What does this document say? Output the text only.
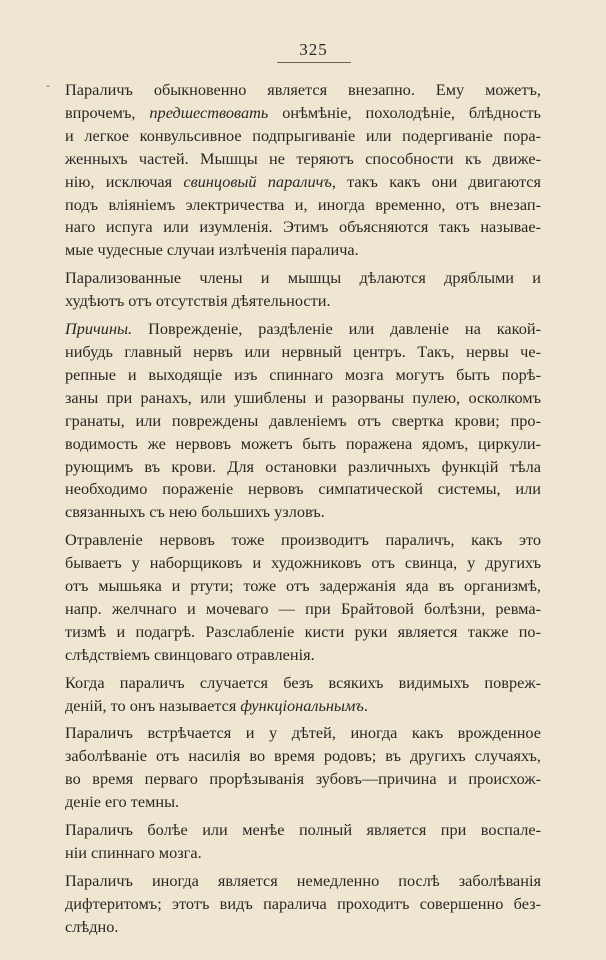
-
325
Параличъ обыкновенно является внезапно. Ему можетъ,
впрочемъ, предшествовать онѣмѣніе, похолодѣніе, блѣдность
и легкое конвульсивное подпрыгиваніе или подергиваніе пора-
женныхъ частей. Мышцы не теряютъ способности къ движе-
нію, исключая свинцовый параличъ, такъ какъ они двигаются
подъ вліяніемъ электричества и, иногда временно, отъ внезап-
наго испуга или изумленія. Этимъ объясняются такъ называе-
мые чудесные случаи излѣченія паралича.
Парализованные члены и мышцы дѣлаются дряблыми и
худѣютъ отъ отсутствія дѣятельности.
Причины. Поврежденіе, раздѣленіе или давленіе на какой-
нибудь главный нервъ или нервный центръ. Такъ, нервы че-
репные и выходящіе изъ спиннаго мозга могутъ быть порѣ-
заны при ранахъ, или ушиблены и разорваны пулею, осколкомъ
гранаты, или повреждены давленіемъ отъ свертка крови; про-
водимость же нервовъ можетъ быть поражена ядомъ, циркули-
рующимъ въ крови. Для остановки различныхъ функцій тѣла
необходимо пораженіе нервовъ симпатической системы, или
связанныхъ съ нею большихъ узловъ.
Отравленіе нервовъ тоже производитъ параличъ, какъ это
бываетъ у наборщиковъ и художниковъ отъ свинца, у другихъ
отъ мышьяка и ртути; тоже отъ задержанія яда въ организмѣ,
напр. желчнаго и мочеваго — при Брайтовой болѣзни, ревма-
тизмѣ и подагрѣ. Разслабленіе кисти руки является также по-
слѣдствіемъ свинцоваго отравленія.
Когда параличъ случается безъ всякихъ видимыхъ повреж-
деній, то онъ называется функціональнымъ.
Параличъ встрѣчается и у дѣтей, иногда какъ врожденное
заболѣваніе отъ насилія во время родовъ; въ другихъ случаяхъ,
во время перваго прорѣзыванія зубовъ—причина и происхож-
деніе его темны.
Параличъ болѣе или менѣе полный является при воспале-
ніи спиннаго мозга.
Параличъ иногда является немедленно послѣ заболѣванія
дифтеритомъ; этотъ видъ паралича проходитъ совершенно без-
слѣдно.
